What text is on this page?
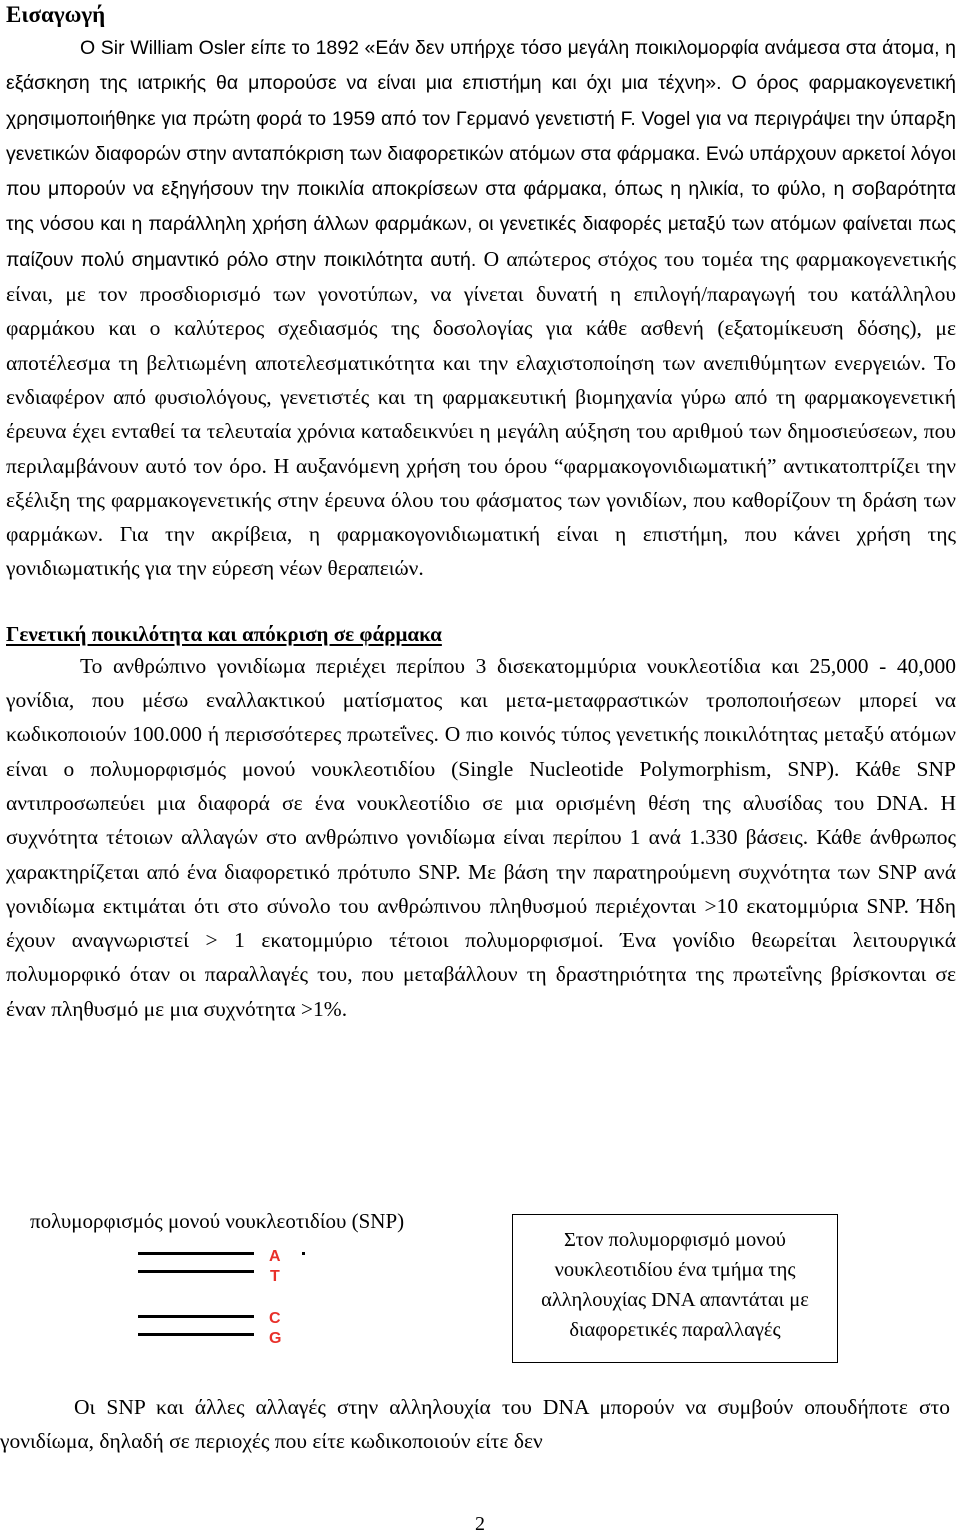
Εισαγωγή

Ο Sir William Osler είπε το 1892 «Εάν δεν υπήρχε τόσο μεγάλη ποικιλομορφία ανάμεσα στα άτομα, η εξάσκηση της ιατρικής θα μπορούσε να είναι μια επιστήμη και όχι μια τέχνη». Ο όρος φαρμακογενετική χρησιμοποιήθηκε για πρώτη φορά το 1959 από τον Γερμανό γενετιστή F. Vogel για να περιγράψει την ύπαρξη γενετικών διαφορών στην ανταπόκριση των διαφορετικών ατόμων στα φάρμακα. Ενώ υπάρχουν αρκετοί λόγοι που μπορούν να εξηγήσουν την ποικιλία αποκρίσεων στα φάρμακα, όπως η ηλικία, το φύλο, η σοβαρότητα της νόσου και η παράλληλη χρήση άλλων φαρμάκων, οι γενετικές διαφορές μεταξύ των ατόμων φαίνεται πως παίζουν πολύ σημαντικό ρόλο στην ποικιλότητα αυτή. Ο απώτερος στόχος του τομέα της φαρμακογενετικής είναι, με τον προσδιορισμό των γονοτύπων, να γίνεται δυνατή η επιλογή/παραγωγή του κατάλληλου φαρμάκου και ο καλύτερος σχεδιασμός της δοσολογίας για κάθε ασθενή (εξατομίκευση δόσης), με αποτέλεσμα τη βελτιωμένη αποτελεσματικότητα και την ελαχιστοποίηση των ανεπιθύμητων ενεργειών. Το ενδιαφέρον από φυσιολόγους, γενετιστές και τη φαρμακευτική βιομηχανία γύρω από τη φαρμακογενετική έρευνα έχει ενταθεί τα τελευταία χρόνια καταδεικνύει η μεγάλη αύξηση του αριθμού των δημοσιεύσεων, που περιλαμβάνουν αυτό τον όρο. Η αυξανόμενη χρήση του όρου “φαρμακογονιδιωματική” αντικατοπτρίζει την εξέλιξη της φαρμακογενετικής στην έρευνα όλου του φάσματος των γονιδίων, που καθορίζουν τη δράση των φαρμάκων. Για την ακρίβεια, η φαρμακογονιδιωματική είναι η επιστήμη, που κάνει χρήση της γονιδιωματικής για την εύρεση νέων θεραπειών.

Γενετική ποικιλότητα και απόκριση σε φάρμακα

Το ανθρώπινο γονιδίωμα περιέχει περίπου 3 δισεκατομμύρια νουκλεοτίδια και 25,000 - 40,000 γονίδια, που μέσω εναλλακτικού ματίσματος και μετα-μεταφραστικών τροποποιήσεων μπορεί να κωδικοποιούν 100.000 ή περισσότερες πρωτεΐνες. Ο πιο κοινός τύπος γενετικής ποικιλότητας μεταξύ ατόμων είναι ο πολυμορφισμός μονού νουκλεοτιδίου (Single Nucleotide Polymorphism, SNP). Κάθε SNP αντιπροσωπεύει μια διαφορά σε ένα νουκλεοτίδιο σε μια ορισμένη θέση της αλυσίδας του DNA. Η συχνότητα τέτοιων αλλαγών στο ανθρώπινο γονιδίωμα είναι περίπου 1 ανά 1.330 βάσεις. Κάθε άνθρωπος χαρακτηρίζεται από ένα διαφορετικό πρότυπο SNP. Με βάση την παρατηρούμενη συχνότητα των SNP ανά γονιδίωμα εκτιμάται ότι στο σύνολο του ανθρώπινου πληθυσμού περιέχονται >10 εκατομμύρια SNP. Ήδη έχουν αναγνωριστεί > 1 εκατομμύριο τέτοιοι πολυμορφισμοί. Ένα γονίδιο θεωρείται λειτουργικά πολυμορφικό όταν οι παραλλαγές του, που μεταβάλλουν τη δραστηριότητα της πρωτεΐνης βρίσκονται σε έναν πληθυσμό με μια συχνότητα >1%.

πολυμορφισμός μονού νουκλεοτιδίου (SNP)
A
T
C
G
Στον πολυμορφισμό μονού νουκλεοτιδίου ένα τμήμα της αλληλουχίας DNA απαντάται με διαφορετικές παραλλαγές

Οι SNP και άλλες αλλαγές στην αλληλουχία του DNA μπορούν να συμβούν οπουδήποτε στο γονιδίωμα, δηλαδή σε περιοχές που είτε κωδικοποιούν είτε δεν

2
